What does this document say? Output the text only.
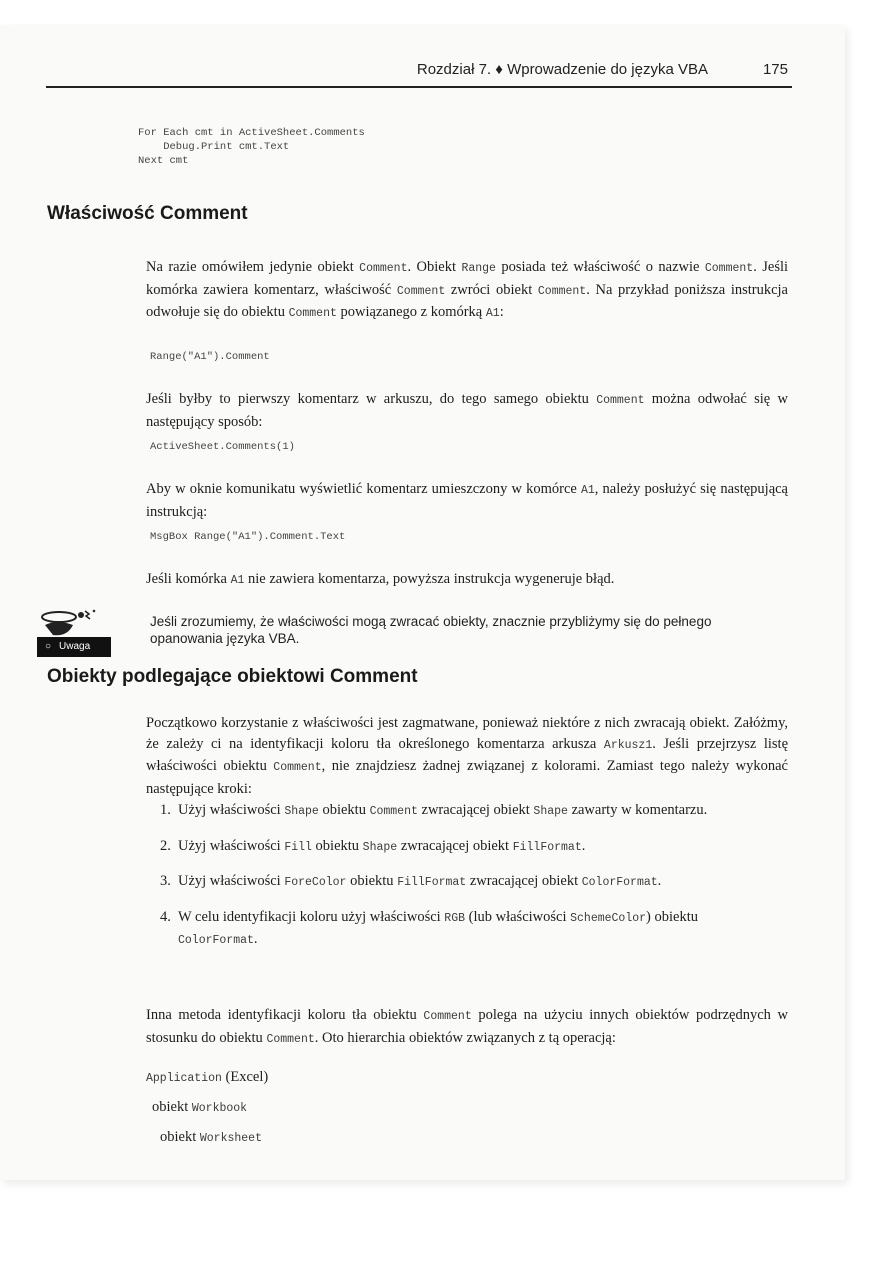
Rozdział 7. ♦ Wprowadzenie do języka VBA	175
For Each cmt in ActiveSheet.Comments
Debug.Print cmt.Text
Next cmt
Właściwość Comment
Na razie omówiłem jedynie obiekt Comment. Obiekt Range posiada też właściwość o nazwie Comment. Jeśli komórka zawiera komentarz, właściwość Comment zwróci obiekt Comment. Na przykład poniższa instrukcja odwołuje się do obiektu Comment powiązanego z komórką A1:
Range("A1").Comment
Jeśli byłby to pierwszy komentarz w arkuszu, do tego samego obiektu Comment można odwołać się w następujący sposób:
ActiveSheet.Comments(1)
Aby w oknie komunikatu wyświetlić komentarz umieszczony w komórce A1, należy posłużyć się następującą instrukcją:
MsgBox Range("A1").Comment.Text
Jeśli komórka A1 nie zawiera komentarza, powyższa instrukcja wygeneruje błąd.
○ Uwaga
Jeśli zrozumiemy, że właściwości mogą zwracać obiekty, znacznie przybliżymy się do pełnego opanowania języka VBA.
Obiekty podlegające obiektowi Comment
Początkowo korzystanie z właściwości jest zagmatwane, ponieważ niektóre z nich zwracają obiekt. Załóżmy, że zależy ci na identyfikacji koloru tła określonego komentarza arkusza Arkusz1. Jeśli przejrzysz listę właściwości obiektu Comment, nie znajdziesz żadnej związanej z kolorami. Zamiast tego należy wykonać następujące kroki:
1. Użyj właściwości Shape obiektu Comment zwracającej obiekt Shape zawarty w komentarzu.
2. Użyj właściwości Fill obiektu Shape zwracającej obiekt FillFormat.
3. Użyj właściwości ForeColor obiektu FillFormat zwracającej obiekt ColorFormat.
4. W celu identyfikacji koloru użyj właściwości RGB (lub właściwości SchemeColor) obiektu ColorFormat.
Inna metoda identyfikacji koloru tła obiektu Comment polega na użyciu innych obiektów podrzędnych w stosunku do obiektu Comment. Oto hierarchia obiektów związanych z tą operacją:
Application (Excel)
obiekt Workbook
obiekt Worksheet
